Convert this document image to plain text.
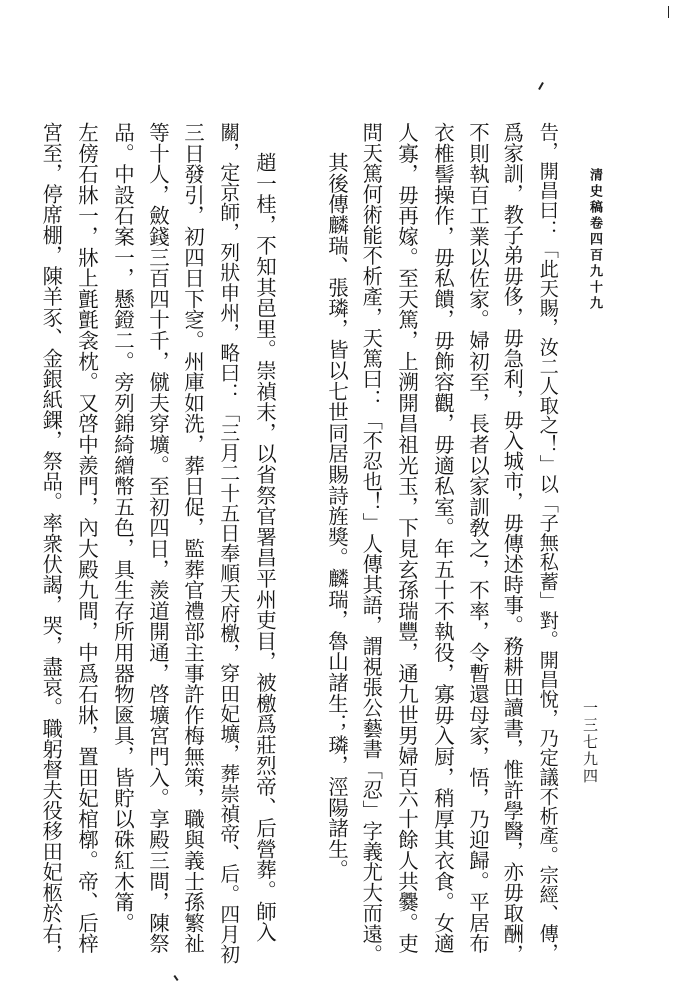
清史稿卷四百九十九
一三七九四
告，開昌曰：「此天賜，汝二人取之！」以「子無私蓄」對。開昌悅，乃定議不析產。宗經、傳，
爲家訓，教子弟毋侈，毋急利，毋入城市，毋傳述時事。務耕田讀書，惟許學醫，亦毋取酬，
不則執百工業以佐家。婦初至，長者以家訓敎之，不率，令暫還母家，悟，乃迎歸。平居布
衣椎髻操作，毋私饋，毋飾容觀，毋適私室。年五十不執役，寡毋入厨，稍厚其衣食。女適
人寡，毋再嫁。至天篤，上溯開昌祖光玉，下見玄孫瑞豐，通九世男婦百六十餘人共爨。吏
問天篤何術能不析產，天篤曰：「不忍也！」人傳其語，謂視張公藝書「忍」字義尤大而遠。
其後傳麟瑞、張璘，皆以七世同居賜詩旌獎。麟瑞，魯山諸生；璘，涇陽諸生。
趙一桂，不知其邑里。崇禎末，以省祭官署昌平州吏目，被檄爲莊烈帝、后營葬。師入
關，定京師，列狀申州，略曰：「三月二十五日奉順天府檄，穿田妃壙，葬崇禎帝、后。四月初
三日發引，初四日下窆。州庫如洗，葬日促，監葬官禮部主事許作梅無策，職與義士孫繁祉
等十人，斂錢三百四十千，僦夫穿壙。至初四日，羨道開通，啓壙宮門入。享殿三間，陳祭
品。中設石案一，懸鐙二。旁列錦綺繒幣五色，具生存所用器物匳具，皆貯以硃紅木筩。
左傍石牀一，牀上氈氈衾枕。又啓中羨門，內大殿九間，中爲石牀，置田妃棺槨。帝、后梓
宮至，停席棚，陳羊豕、金銀紙錁，祭品。率衆伏謁，哭，盡哀。職躬督夫役移田妃柩於右，
